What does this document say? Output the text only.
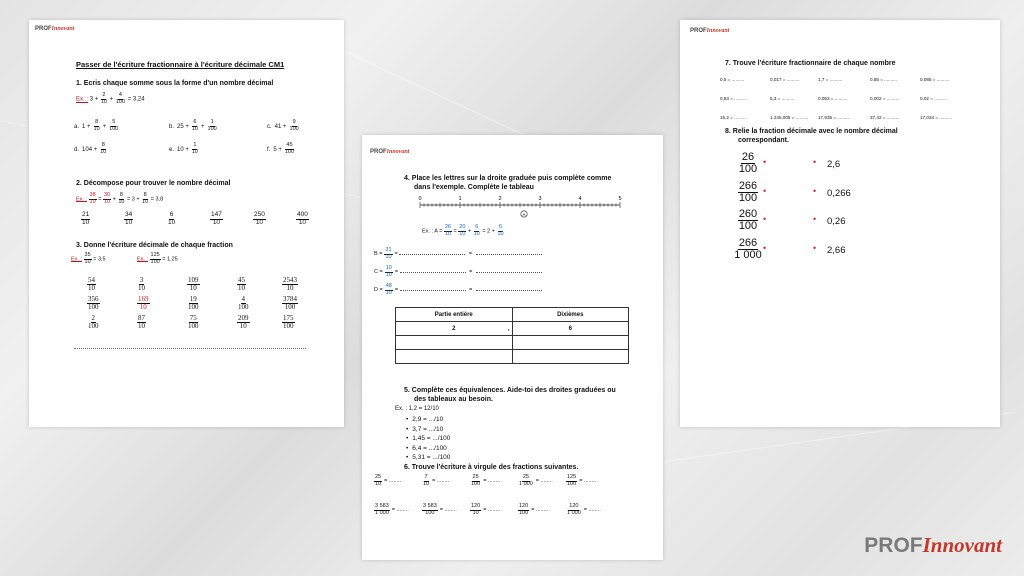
PROFInnovant
Passer de l'écriture fractionnaire à l'écriture décimale CM1
1. Ecris chaque somme sous la forme d'un nombre décimal
Ex. : $3 + \frac{2}{10} + \frac{4}{100} = 3,24$
a. $1 + \frac{8}{10} + \frac{5}{100}$	b. $25 + \frac{6}{10} + \frac{1}{100}$	c. $41 + \frac{9}{100}$
d. $104 + \frac{8}{10}$	e. $10 + \frac{1}{10}$	f. $5 + \frac{45}{100}$
2. Décompose pour trouver le nombre décimal
Ex. : $\frac{38}{10} = \frac{30}{10} + \frac{8}{10} = 3 + \frac{8}{10} = 3,8$
$\frac{21}{10}$	$\frac{34}{10}$	$\frac{6}{10}$	$\frac{147}{10}$	$\frac{250}{10}$	$\frac{400}{10}$
3. Donne l'écriture décimale de chaque fraction
Ex. : $\frac{35}{10} = 3,5$	Ex. : $\frac{125}{100} = 1,25$
$\frac{54}{10}$	$\frac{3}{10}$	$\frac{109}{10}$	$\frac{45}{10}$	$\frac{2543}{10}$
$\frac{356}{100}$	$\frac{169}{10}$	$\frac{19}{100}$	$\frac{4}{100}$	$\frac{3784}{100}$
$\frac{2}{100}$	$\frac{87}{10}$	$\frac{75}{100}$	$\frac{209}{10}$	$\frac{175}{100}$
PROFInnovant
4. Place les lettres sur la droite graduée puis complète comme
dans l'exemple. Complète le tableau
0	1	2	3	4	5
A
Ex. : $A = \frac{26}{10} = \frac{20}{10} + \frac{6}{10} = 2 + \frac{6}{10}$
$B = \frac{31}{10}$ =	=
$C = \frac{10}{10}$ =	=
$D = \frac{48}{10}$ =	=
Partie entière	Dixièmes
2 ,	6

5. Complète ces équivalences. Aide-toi des droites graduées ou
des tableaux au besoin.
Ex. : 1,2 = 12/10
• 2,9 = .../10
• 3,7 = .../10
• 1,45 = .../100
• 6,4 = .../100
• 5,31 = .../100
6. Trouve l'écriture à virgule des fractions suivantes.
$\frac{25}{10}$ = ........	$\frac{7}{10}$ = ........	$\frac{25}{100}$ = ........	$\frac{25}{1 000}$ = ........ $\frac{125}{100}$ = ........
$\frac{3 583}{1 000}$ = ........ $\frac{3 583}{100}$ = ........ $\frac{120}{10}$ = ........	$\frac{120}{100}$ = ........	$\frac{120}{1 000}$ = ........
PROFInnovant
7. Trouve l'écriture fractionnaire de chaque nombre
0,5 = ..........	0,017 = ..........	1,7 = ..........	0,85 = ..........	0,085 = ..........
0,53 = ..........	5,3 = ..........	0,053 = ..........	0,002 = ..........	0,02 = ..........
15,2 = ..........	1 245,005 = .......... 17,935 = ..........	37,42 = ..........	17,034 = ..........
8. Relie la fraction décimale avec le nombre décimal
correspondant.
$\frac{26}{100}$ •	• 2,6
$\frac{266}{100}$ •	• 0,266
$\frac{260}{100}$ •	• 0,26
$\frac{266}{1 000}$ •	• 2,66
PROFInnovant
